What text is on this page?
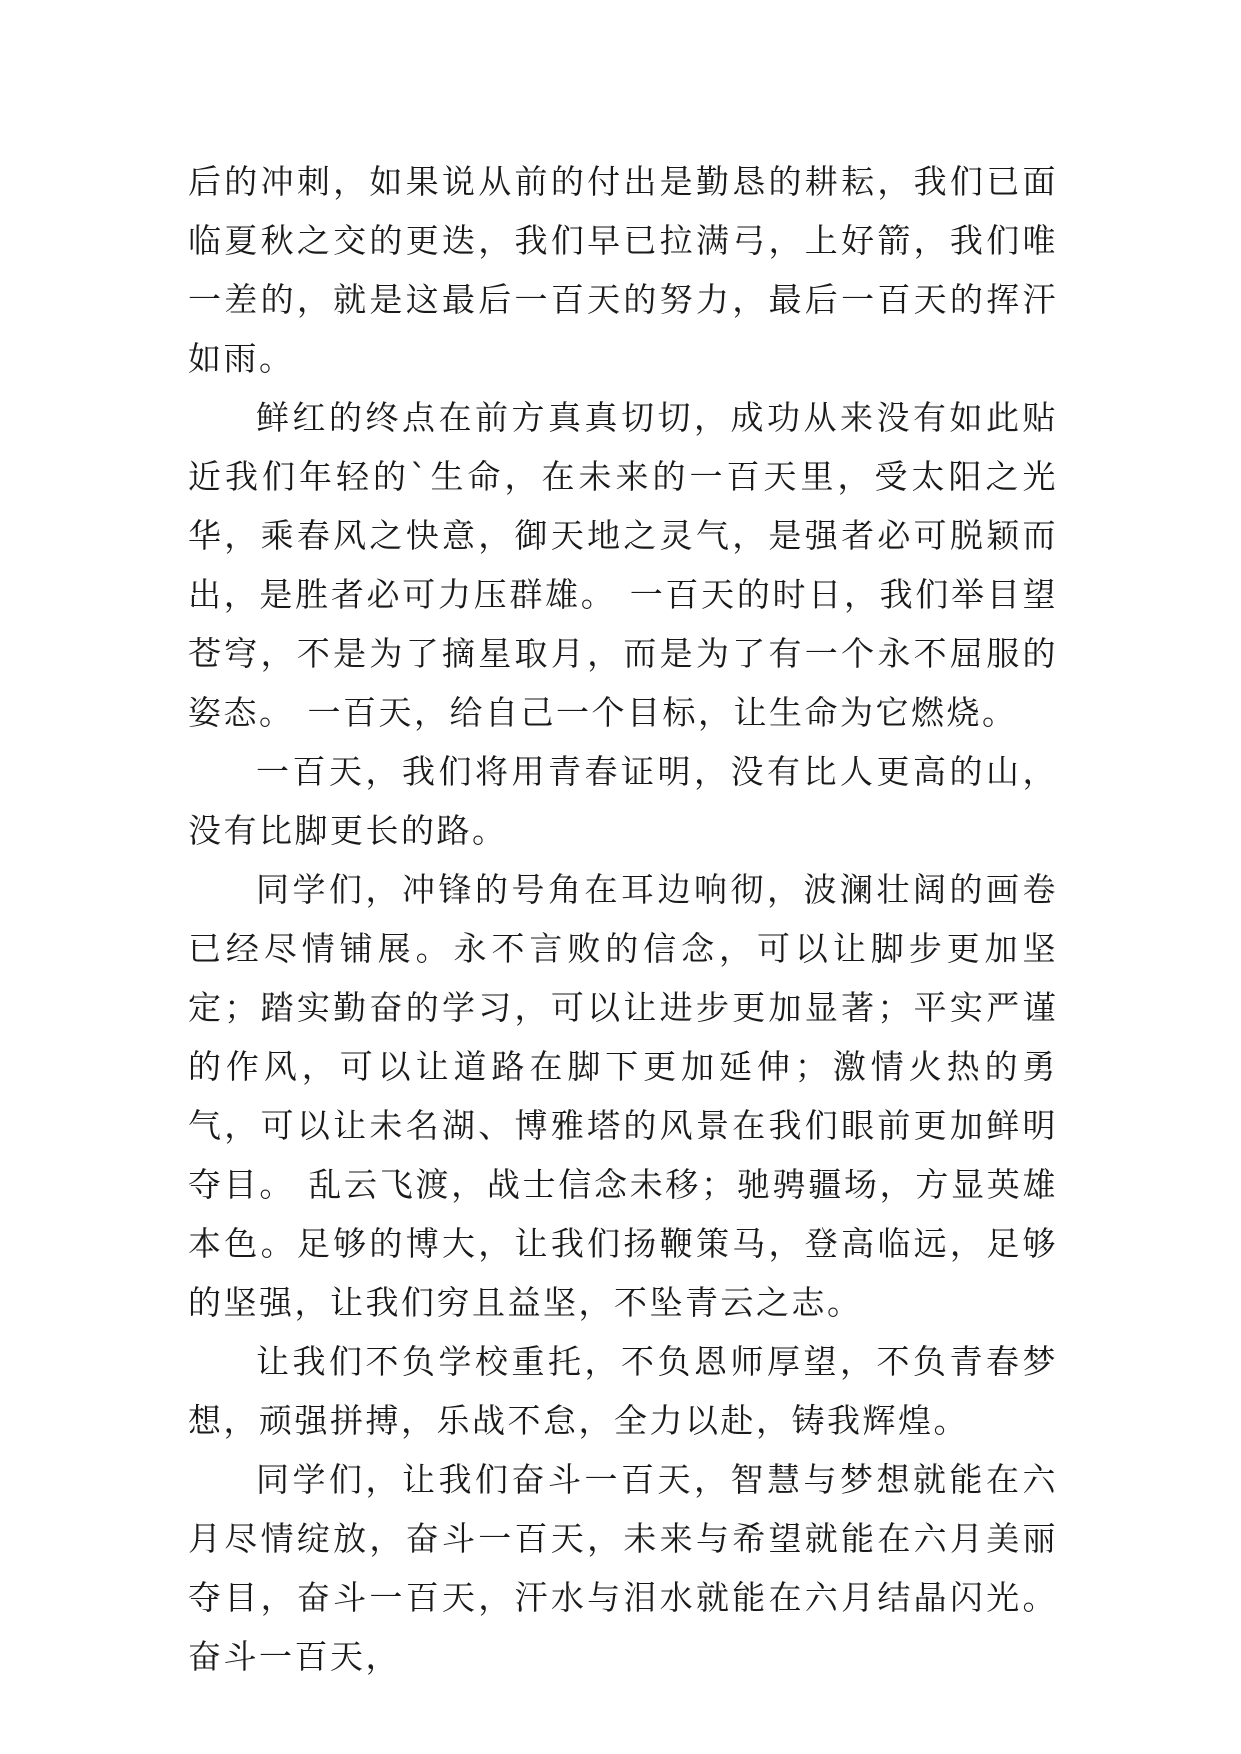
后的冲刺，如果说从前的付出是勤恳的耕耘，我们已面临夏秋之交的更迭，我们早已拉满弓，上好箭，我们唯一差的，就是这最后一百天的努力，最后一百天的挥汗如雨。

鲜红的终点在前方真真切切，成功从来没有如此贴近我们年轻的`生命，在未来的一百天里，受太阳之光华，乘春风之快意，御天地之灵气，是强者必可脱颖而出，是胜者必可力压群雄。 一百天的时日，我们举目望苍穹，不是为了摘星取月，而是为了有一个永不屈服的姿态。 一百天，给自己一个目标，让生命为它燃烧。

一百天，我们将用青春证明，没有比人更高的山，没有比脚更长的路。

同学们，冲锋的号角在耳边响彻，波澜壮阔的画卷已经尽情铺展。永不言败的信念，可以让脚步更加坚定；踏实勤奋的学习，可以让进步更加显著；平实严谨的作风，可以让道路在脚下更加延伸；激情火热的勇气，可以让未名湖、博雅塔的风景在我们眼前更加鲜明夺目。 乱云飞渡，战士信念未移；驰骋疆场，方显英雄本色。足够的博大，让我们扬鞭策马，登高临远，足够的坚强，让我们穷且益坚，不坠青云之志。

让我们不负学校重托，不负恩师厚望，不负青春梦想，顽强拼搏，乐战不怠，全力以赴，铸我辉煌。

同学们，让我们奋斗一百天，智慧与梦想就能在六月尽情绽放，奋斗一百天，未来与希望就能在六月美丽夺目，奋斗一百天，汗水与泪水就能在六月结晶闪光。奋斗一百天，
